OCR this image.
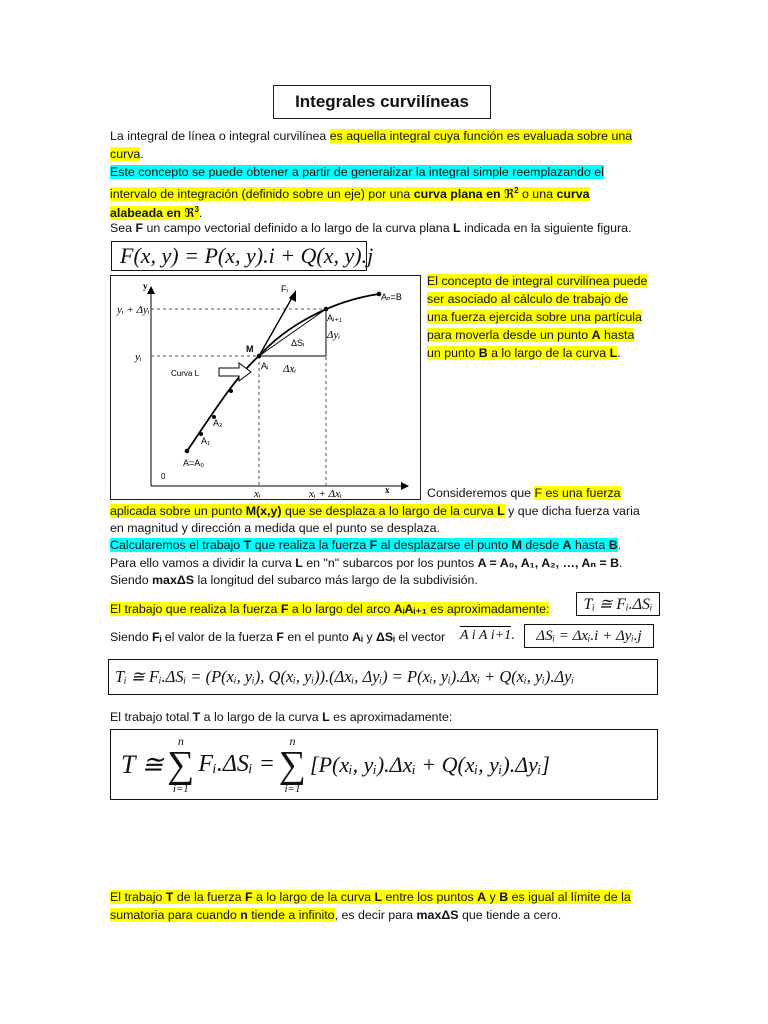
Integrales curvilíneas
La integral de línea o integral curvilínea es aquella integral cuya función es evaluada sobre una
curva.
Este concepto se puede obtener a partir de generalizar la integral simple reemplazando el
intervalo de integración (definido sobre un eje) por una curva plana en ℜ$^2$ o una curva
alabeada en ℜ$^3$.
Sea F un campo vectorial definido a lo largo de la curva plana L indicada en la siguiente figura.
F(x, y) = P(x, y).i + Q(x, y).j
y
x
0
yᵢ + Δyᵢ
yᵢ
xᵢ	xᵢ + Δxᵢ
Fᵢ
Aₙ=B
Aᵢ₊₁
Δyᵢ
ΔSᵢ
M
Aᵢ Δxᵢ
Curva L
A₂
A₁
A=A₀
El concepto de integral curvilínea puede
ser asociado al cálculo de trabajo de
una fuerza ejercida sobre una partícula
para moverla desde un punto A hasta
un punto B a lo largo de la curva L.
Consideremos que F es una fuerza
aplicada sobre un punto M(x,y) que se desplaza a lo largo de la curva L y que dicha fuerza varia
en magnitud y dirección a medida que el punto se desplaza.
Calcularemos el trabajo T que realiza la fuerza F al desplazarse el punto M desde A hasta B.
Para ello vamos a dividir la curva L en "n" subarcos por los puntos A = A₀, A₁, A₂, …, Aₙ = B.
Siendo maxΔS la longitud del subarco más largo de la subdivisión.
El trabajo que realiza la fuerza F a lo largo del arco AᵢAᵢ₊₁ es aproximadamente:	Tᵢ ≅ Fᵢ.ΔSᵢ
Siendo Fᵢ el valor de la fuerza F en el punto Aᵢ y ΔSᵢ el vector A i A i+1.	ΔSᵢ = Δxᵢ.i + Δyᵢ.j
Tᵢ ≅ Fᵢ.ΔSᵢ = (P(xᵢ, yᵢ), Q(xᵢ, yᵢ)).(Δxᵢ, Δyᵢ) = P(xᵢ, yᵢ).Δxᵢ + Q(xᵢ, yᵢ).Δyᵢ
El trabajo total T a lo largo de la curva L es aproximadamente:
T ≅
n
∑
i=1
Fᵢ.ΔSᵢ =
n
∑
i=1
[P(xᵢ, yᵢ).Δxᵢ + Q(xᵢ, yᵢ).Δyᵢ]
El trabajo T de la fuerza F a lo largo de la curva L entre los puntos A y B es igual al límite de la
sumatoria para cuando n tiende a infinito, es decir para maxΔS que tiende a cero.
